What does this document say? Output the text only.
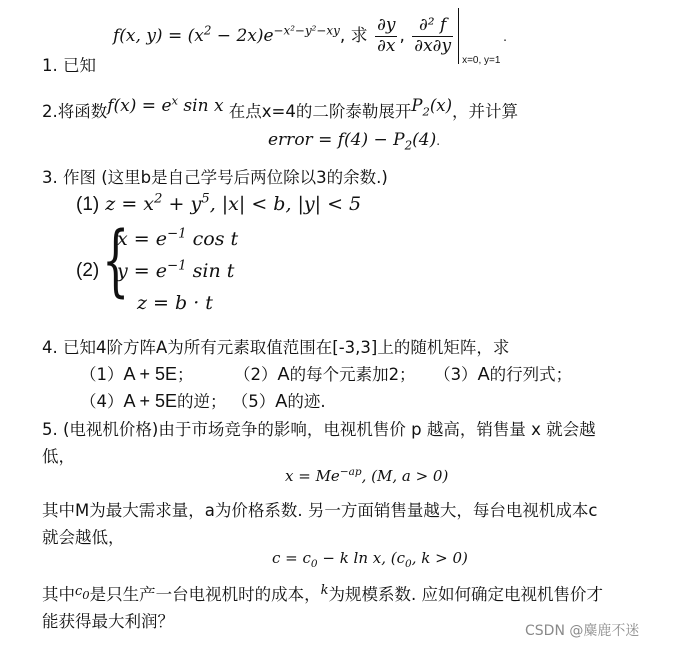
1. 已知
f(x, $y) = (x^2 - 2x)e^{-x^2-y^2-xy}$, 求 $\frac{\partial y}{\partial x}$ , $\frac{\text{∂² f}}{\partial x\partial y}$
x=0, y=1
.
2.将函数$f(x) = e^x$ sin x 在点x=4的二阶泰勒展开$P_2(x)$，并计算
error = $f(4) - P_2(4)$.
3. 作图 (这里b是自己学号后两位除以3的余数.)
(1) $z = x^2 + y^5$, |x| < b, |y| < 5
(2) {
$x = e^{-1}$ cos t
$y = e^{-1}$ sin t
z = b · t
4. 已知4阶方阵A为所有元素取值范围在[-3,3]上的随机矩阵，求
（1）A + 5E； （2）A的每个元素加2； （3）A的行列式；
（4）A + 5E的逆； （5）A的迹.
5. (电视机价格)由于市场竞争的影响，电视机售价 p 越高，销售量 x 就会越
低，
$x = Me^{-ap}$, (M, a > 0)
其中M为最大需求量，a为价格系数. 另一方面销售量越大，每台电视机成本c
就会越低，
$c = c_0 - k$ ln x, ($c_0$, k > 0)
其中$^c_0$是只生产一台电视机时的成本，$^k$为规模系数. 应如何确定电视机售价才
能获得最大利润？	CSDN @麋鹿不迷
